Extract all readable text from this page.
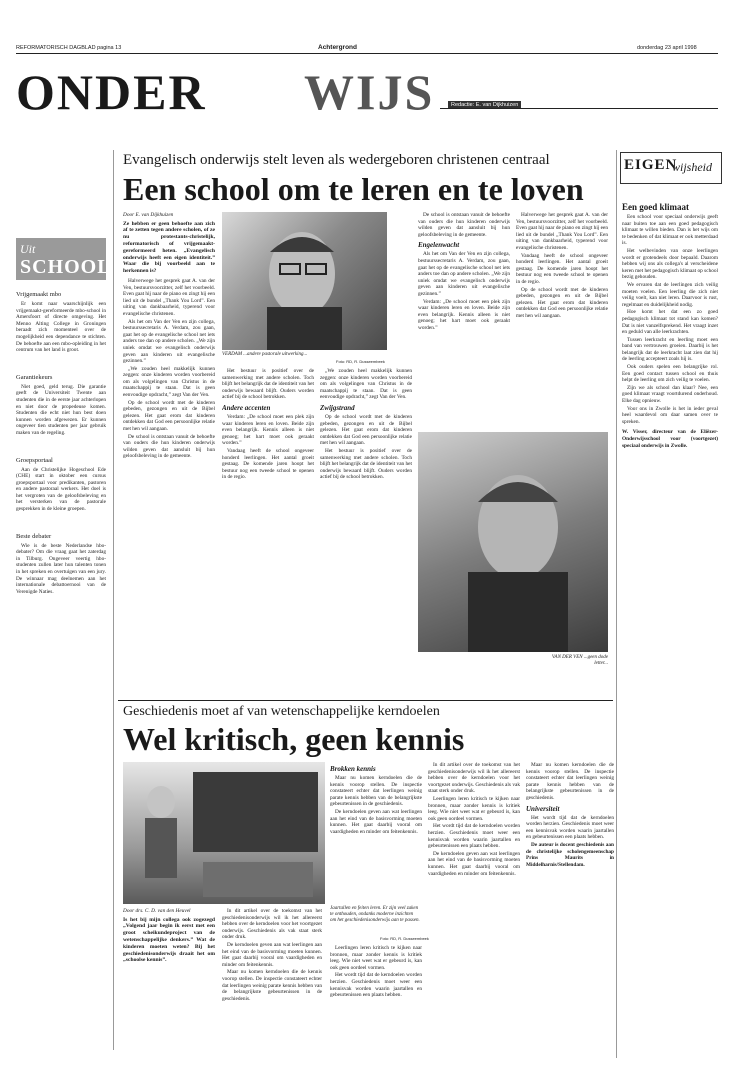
REFORMATORISCH DAGBLAD pagina 13	Achtergrond	donderdag 23 april 1998
ONDER WIJS	Redactie: E. van Dijkhuizen
Uit
SCHOOL
Vrijgemaakt mbo

Er komt naar waarschijnlijk een vrijgemaakt-gereformeerde mbo-school in Amersfoort of directe omgeving. Het Menno Alting College in Groningen beraadt zich momenteel over de mogelijkheid een dependance te stichten. De behoefte aan een mbo-opleiding in het centrum van het land is groot.

Garantiekeurs

Niet goed, geld terug. Die garantie geeft de Universiteit Twente aan studenten die in de eerste jaar achterlopen en niet door de propedeuse komen. Studenten die echt niet hun best doen kunnen worden afgewezen. Er kunnen ongeveer tien studenten per jaar gebruik maken van de regeling.

Groepsportaal

Aan de Christelijke Hogeschool Ede (CHE) start in oktober een cursus groepsportaal voor predikanten, pastoren en andere pastoraal werkers. Het doel is het vergroten van de geloofsbeleving en het versterken van de pastorale gesprekken in de kleine groepen.

Beste debater

Wie is de beste Nederlandse hbo-debater? Om die vraag gaat het zaterdag in Tilburg. Ongeveer veertig hbo-studenten zullen later hun talenten tonen in het spreken en overtuigen van een jury. De winnaar mag deelnemen aan het internationale debattoernooi van de Verenigde Naties.

Evangelisch onderwijs stelt leven als wedergeboren christenen centraal
Een school om te leren en te loven
Door E. van Dijkhuizen
Ze hebben er geen behoefte aan zich af te zetten tegen andere scholen, of ze nu protestants-christelijk, reformatorisch of vrijgemaakt-gereformeerd heten. „Evangelisch onderwijs heeft een eigen identiteit.” Waar die bij voorbeeld aan te herkennen is?

Halverwege het gesprek gaat A. van der Ven, bestuursvoorzitter, zelf het voorbeeld. Even gaat hij naar de piano en zingt hij een lied uit de bundel „Thank You Lord”. Een uiting van dankbaarheid, typerend voor evangelische christenen.

Als het om Van der Ven en zijn collega, bestuurssecretaris A. Verdam, zou gaan, gaat het op de evangelische school net iets anders toe dan op andere scholen. „We zijn uniek omdat we evangelisch onderwijs geven aan kinderen uit evangelische gezinnen.”

„We zouden heel makkelijk kunnen zeggen: onze kinderen worden voorbereid om als volgelingen van Christus in de maatschappij te staan. Dat is geen eenvoudige opdracht,” zegt Van der Ven.

Op de school wordt met de kinderen gebeden, gezongen en uit de Bijbel gelezen. Het gaat erom dat kinderen ontdekken dat God een persoonlijke relatie met hen wil aangaan.

De school is ontstaan vanuit de behoefte van ouders die hun kinderen onderwijs wilden geven dat aansluit bij hun geloofsbeleving in de gemeente.

VERDAM ...andere pastorale uitwerking...
Foto: RD, R. Dusseembeek

Het bestuur is positief over de samenwerking met andere scholen. Toch blijft het belangrijk dat de identiteit van het onderwijs bewaard blijft. Ouders worden actief bij de school betrokken.

Andere accenten

Verdam: „De school moet een plek zijn waar kinderen leren en loven. Beide zijn even belangrijk. Kennis alleen is niet genoeg; het hart moet ook geraakt worden.”

Vandaag heeft de school ongeveer honderd leerlingen. Het aantal groeit gestaag. De komende jaren hoopt het bestuur nog een tweede school te openen in de regio.

„We zouden heel makkelijk kunnen zeggen: onze kinderen worden voorbereid om als volgelingen van Christus in de maatschappij te staan. Dat is geen eenvoudige opdracht,” zegt Van der Ven.

Zwijgstrand

Op de school wordt met de kinderen gebeden, gezongen en uit de Bijbel gelezen. Het gaat erom dat kinderen ontdekken dat God een persoonlijke relatie met hen wil aangaan.

Het bestuur is positief over de samenwerking met andere scholen. Toch blijft het belangrijk dat de identiteit van het onderwijs bewaard blijft. Ouders worden actief bij de school betrokken.

De school is ontstaan vanuit de behoefte van ouders die hun kinderen onderwijs wilden geven dat aansluit bij hun geloofsbeleving in de gemeente.

Engelenwacht

Als het om Van der Ven en zijn collega, bestuurssecretaris A. Verdam, zou gaan, gaat het op de evangelische school net iets anders toe dan op andere scholen. „We zijn uniek omdat we evangelisch onderwijs geven aan kinderen uit evangelische gezinnen.”

Verdam: „De school moet een plek zijn waar kinderen leren en loven. Beide zijn even belangrijk. Kennis alleen is niet genoeg; het hart moet ook geraakt worden.”

Halverwege het gesprek gaat A. van der Ven, bestuursvoorzitter, zelf het voorbeeld. Even gaat hij naar de piano en zingt hij een lied uit de bundel „Thank You Lord”. Een uiting van dankbaarheid, typerend voor evangelische christenen.

Vandaag heeft de school ongeveer honderd leerlingen. Het aantal groeit gestaag. De komende jaren hoopt het bestuur nog een tweede school te openen in de regio.

Op de school wordt met de kinderen gebeden, gezongen en uit de Bijbel gelezen. Het gaat erom dat kinderen ontdekken dat God een persoonlijke relatie met hen wil aangaan.

VAN DER VEN ...geen dode letter...
Geschiedenis moet af van wetenschappelijke kerndoelen
Wel kritisch, geen kennis
Door drs. C. D. van den Heuvel
Is het bij mijn collega ook zogezegd „Volgend jaar begin ik eerst met een groot scheikundeproject van de wetenschappelijke denkers.” Wat de kinderen moeten weten? Bij het geschiedenisonderwijs draait het om „schoolse kennis”.

In dit artikel over de toekomst van het geschiedenisonderwijs wil ik het allereerst hebben over de kerndoelen voor het voortgezet onderwijs. Geschiedenis als vak staat sterk onder druk.

De kerndoelen geven aan wat leerlingen aan het eind van de basisvorming moeten kunnen. Het gaat daarbij vooral om vaardigheden en minder om feitenkennis.

Maar nu komen kerndoelen die de kennis voorop stellen. De inspectie constateert echter dat leerlingen weinig parate kennis hebben van de belangrijkste gebeurtenissen in de geschiedenis.

Jaartallen en feiten leren. Er zijn veel zaken te onthouden, ondanks moderne inzichten om het geschiedenisonderwijs aan te passen.
Foto: RD, R. Dusseembeek

Leerlingen leren kritisch te kijken naar bronnen, maar zonder kennis is kritiek leeg. Wie niet weet wat er gebeurd is, kan ook geen oordeel vormen.

Het wordt tijd dat de kerndoelen worden herzien. Geschiedenis moet weer een kennisvak worden waarin jaartallen en gebeurtenissen een plaats hebben.

Brokken kennis

Maar nu komen kerndoelen die de kennis voorop stellen. De inspectie constateert echter dat leerlingen weinig parate kennis hebben van de belangrijkste gebeurtenissen in de geschiedenis.

De kerndoelen geven aan wat leerlingen aan het eind van de basisvorming moeten kunnen. Het gaat daarbij vooral om vaardigheden en minder om feitenkennis.

In dit artikel over de toekomst van het geschiedenisonderwijs wil ik het allereerst hebben over de kerndoelen voor het voortgezet onderwijs. Geschiedenis als vak staat sterk onder druk.

Leerlingen leren kritisch te kijken naar bronnen, maar zonder kennis is kritiek leeg. Wie niet weet wat er gebeurd is, kan ook geen oordeel vormen.

Het wordt tijd dat de kerndoelen worden herzien. Geschiedenis moet weer een kennisvak worden waarin jaartallen en gebeurtenissen een plaats hebben.

De kerndoelen geven aan wat leerlingen aan het eind van de basisvorming moeten kunnen. Het gaat daarbij vooral om vaardigheden en minder om feitenkennis.

Maar nu komen kerndoelen die de kennis voorop stellen. De inspectie constateert echter dat leerlingen weinig parate kennis hebben van de belangrijkste gebeurtenissen in de geschiedenis.

Universiteit

Het wordt tijd dat de kerndoelen worden herzien. Geschiedenis moet weer een kennisvak worden waarin jaartallen en gebeurtenissen een plaats hebben.

De auteur is docent geschiedenis aan de christelijke scholengemeenschap Prins Maurits in Middelharnis/Stellendam.

EIGEN
wijsheid
Een goed klimaat

Een school voor speciaal onderwijs geeft naar buiten toe aan een goed pedagogisch klimaat te willen bieden. Dan is het wijs om te bedenken of dat klimaat er ook metterdaad is.

Het welbevinden van onze leerlingen wordt er grotendeels door bepaald. Daarom hebben wij ons als collega's al verscheidene keren met het pedagogisch klimaat op school bezig gehouden.

We ervaren dat de leerlingen zich veilig moeten voelen. Een leerling die zich niet veilig voelt, kan niet leren. Daarvoor is rust, regelmaat en duidelijkheid nodig.

Hoe komt het dat een zo goed pedagogisch klimaat tot stand kan komen? Dat is niet vanzelfsprekend. Het vraagt inzet en geduld van alle leerkrachten.

Tussen leerkracht en leerling moet een band van vertrouwen groeien. Daarbij is het belangrijk dat de leerkracht laat zien dat hij de leerling accepteert zoals hij is.

Ook ouders spelen een belangrijke rol. Een goed contact tussen school en thuis helpt de leerling om zich veilig te voelen.

Zijn we als school dan klaar? Nee, een goed klimaat vraagt voortdurend onderhoud. Elke dag opnieuw.

Voor ons in Zwolle is het in ieder geval heel waardevol om daar samen over te spreken.

W. Visser, directeur van de Eliëzer-Onderwijsschool voor (voortgezet) speciaal onderwijs in Zwolle.
